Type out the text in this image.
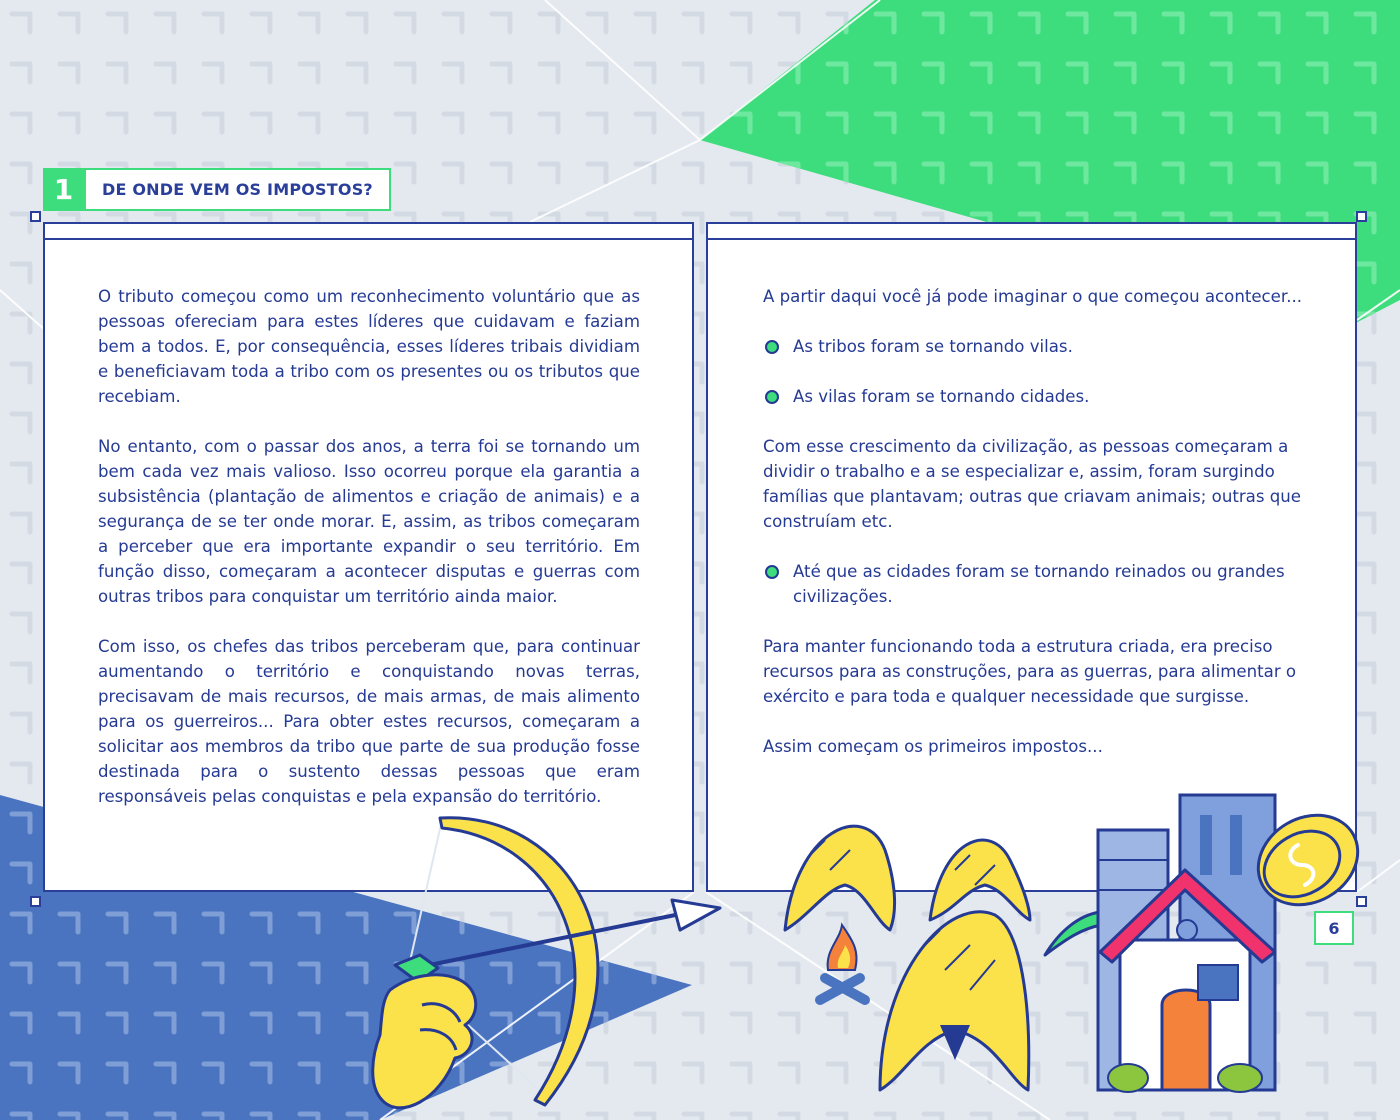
1	DE ONDE VEM OS IMPOSTOS?

O tributo começou como um reconhecimento voluntário que as pessoas ofereciam para estes líderes que cuidavam e faziam bem a todos. E, por consequência, esses líderes tribais dividiam e beneficiavam toda a tribo com os presentes ou os tributos que recebiam.

No entanto, com o passar dos anos, a terra foi se tornando um bem cada vez mais valioso. Isso ocorreu porque ela garantia a subsistência (plantação de alimentos e criação de animais) e a segurança de se ter onde morar. E, assim, as tribos começaram a perceber que era importante expandir o seu território. Em função disso, começaram a acontecer disputas e guerras com outras tribos para conquistar um território ainda maior.

Com isso, os chefes das tribos perceberam que, para continuar aumentando o território e conquistando novas terras, precisavam de mais recursos, de mais armas, de mais alimento para os guerreiros... Para obter estes recursos, começaram a solicitar aos membros da tribo que parte de sua produção fosse destinada para o sustento dessas pessoas que eram responsáveis pelas conquistas e pela expansão do território.

A partir daqui você já pode imaginar o que começou acontecer...

As tribos foram se tornando vilas.

As vilas foram se tornando cidades.

Com esse crescimento da civilização, as pessoas começaram a dividir o trabalho e a se especializar e, assim, foram surgindo famílias que plantavam; outras que criavam animais; outras que construíam etc.

Até que as cidades foram se tornando reinados ou grandes civilizações.

Para manter funcionando toda a estrutura criada, era preciso recursos para as construções, para as guerras, para alimentar o exército e para toda e qualquer necessidade que surgisse.

Assim começam os primeiros impostos...

6
